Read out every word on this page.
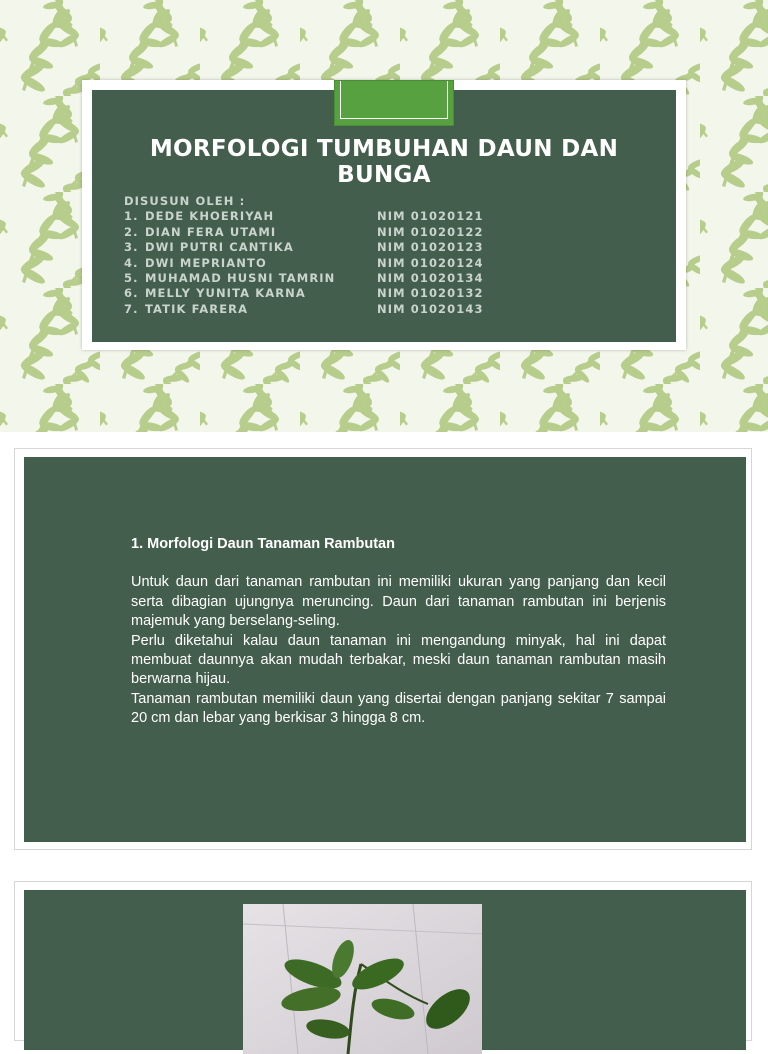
MORFOLOGI TUMBUHAN DAUN DAN BUNGA
DISUSUN OLEH :
1. DEDE KHOERIYAH	NIM 01020121
2. DIAN FERA UTAMI	NIM 01020122
3. DWI PUTRI CANTIKA	NIM 01020123
4. DWI MEPRIANTO	NIM 01020124
5. MUHAMAD HUSNI TAMRIN	NIM 01020134
6. MELLY YUNITA KARNA	NIM 01020132
7. TATIK FARERA	NIM 01020143
1. Morfologi Daun Tanaman Rambutan

Untuk daun dari tanaman rambutan ini memiliki ukuran yang panjang dan kecil serta dibagian ujungnya meruncing. Daun dari tanaman rambutan ini berjenis majemuk yang berselang-seling.

Perlu diketahui kalau daun tanaman ini mengandung minyak, hal ini dapat membuat daunnya akan mudah terbakar, meski daun tanaman rambutan masih berwarna hijau.

Tanaman rambutan memiliki daun yang disertai dengan panjang sekitar 7 sampai 20 cm dan lebar yang berkisar 3 hingga 8 cm.
